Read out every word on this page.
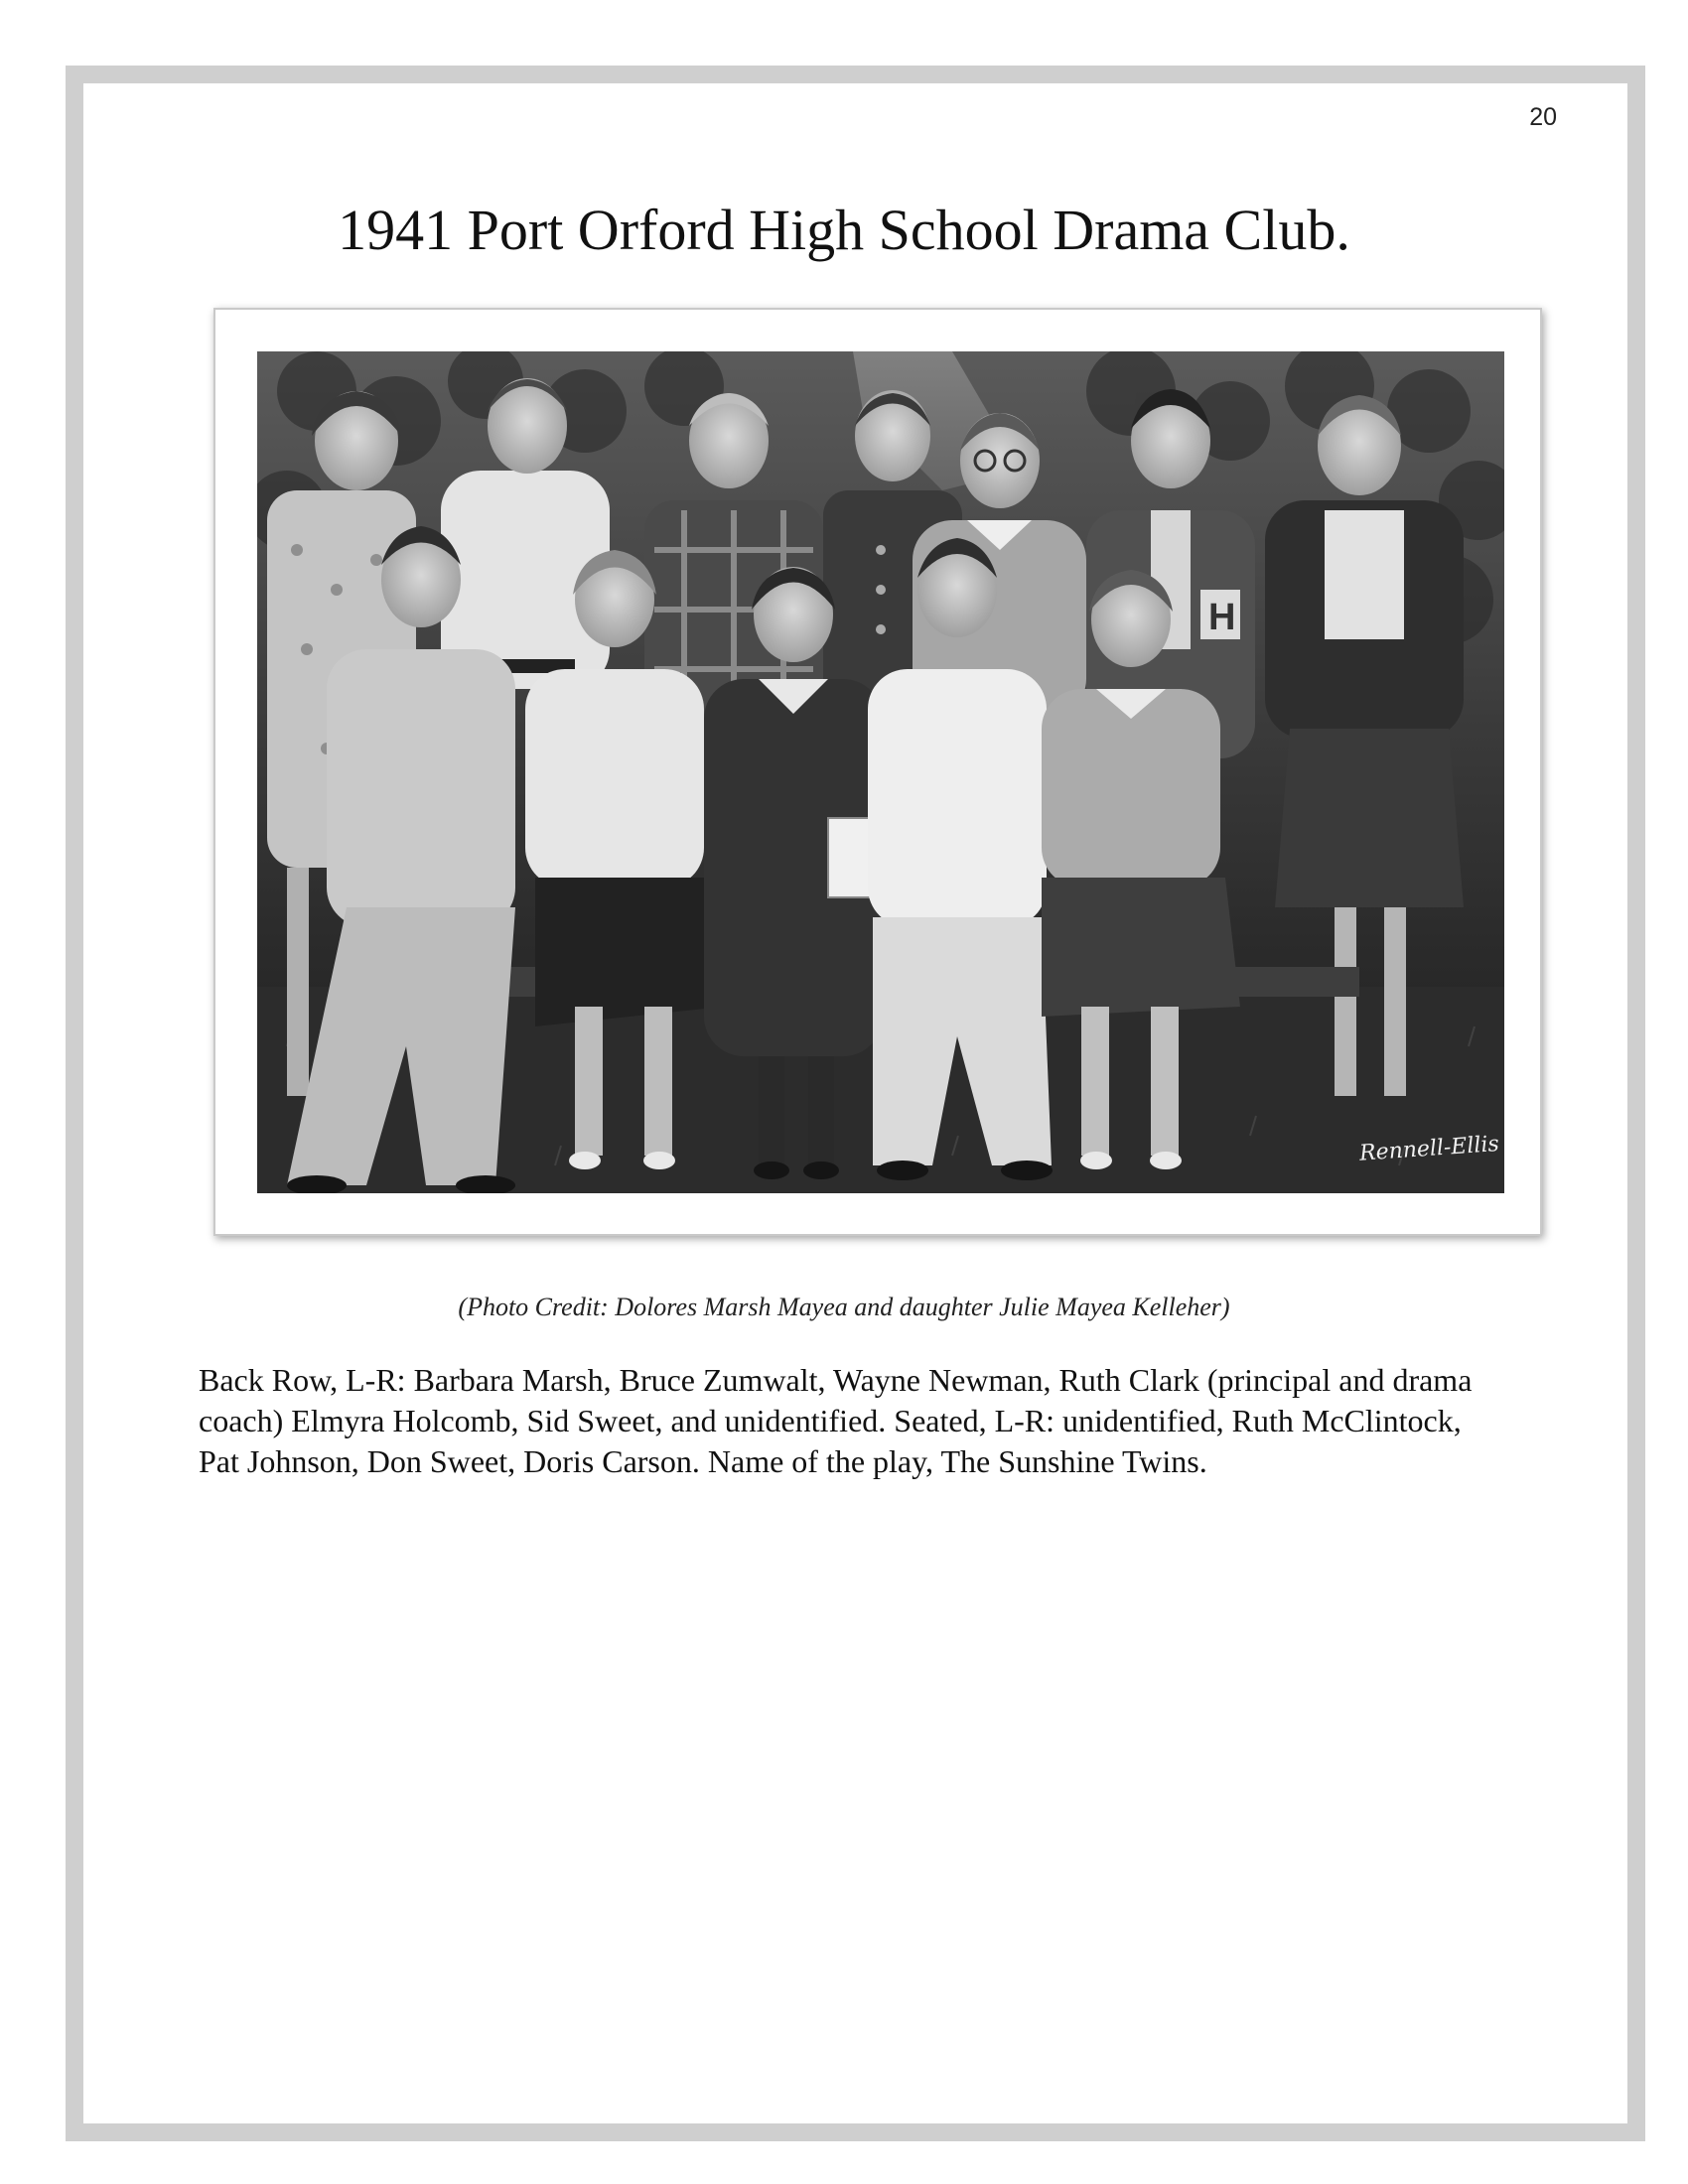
20
1941 Port Orford High School Drama Club.
H
Rennell-Ellis
(Photo Credit: Dolores Marsh Mayea and daughter Julie Mayea Kelleher)

Back Row, L-R: Barbara Marsh, Bruce Zumwalt, Wayne Newman, Ruth Clark (principal and drama coach) Elmyra Holcomb, Sid Sweet, and unidentified. Seated, L-R: unidentified, Ruth McClintock, Pat Johnson, Don Sweet, Doris Carson. Name of the play, The Sunshine Twins.
